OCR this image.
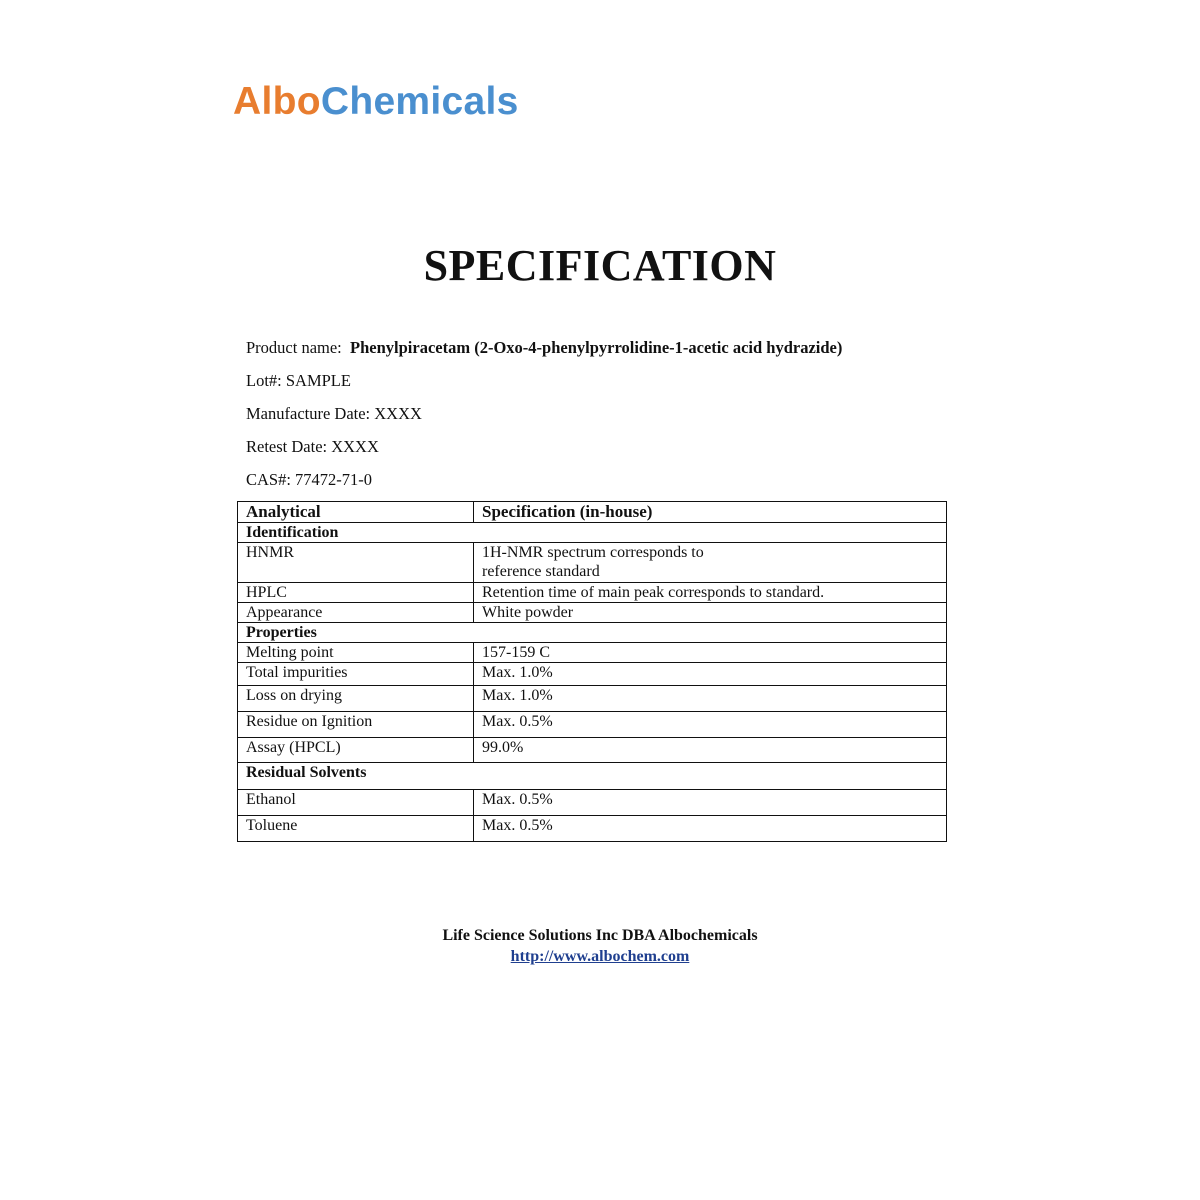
AlboChemicals
SPECIFICATION
Product name: Phenylpiracetam (2-Oxo-4-phenylpyrrolidine-1-acetic acid hydrazide)
Lot#: SAMPLE
Manufacture Date: XXXX
Retest Date: XXXX
CAS#: 77472-71-0
Analytical	Specification (in-house)
Identification	
HNMR	1H-NMR spectrum corresponds to
reference standard
HPLC	Retention time of main peak corresponds to standard.
Appearance	White powder
Properties	
Melting point	157-159 C
Total impurities	Max. 1.0%
Loss on drying	Max. 1.0%
Residue on Ignition	Max. 0.5%
Assay (HPCL)	99.0%
Residual Solvents	
Ethanol	Max. 0.5%
Toluene	Max. 0.5%
Life Science Solutions Inc DBA Albochemicals
http://www.albochem.com
